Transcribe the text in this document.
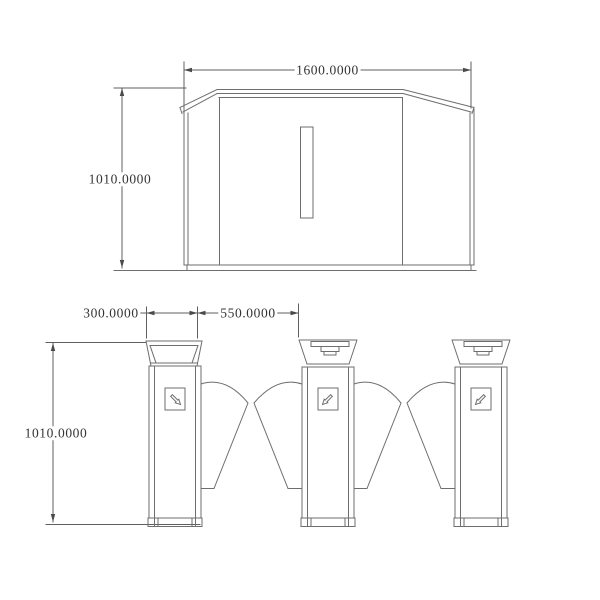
1600.0000
1010.0000
300.0000	550.0000
1010.0000
